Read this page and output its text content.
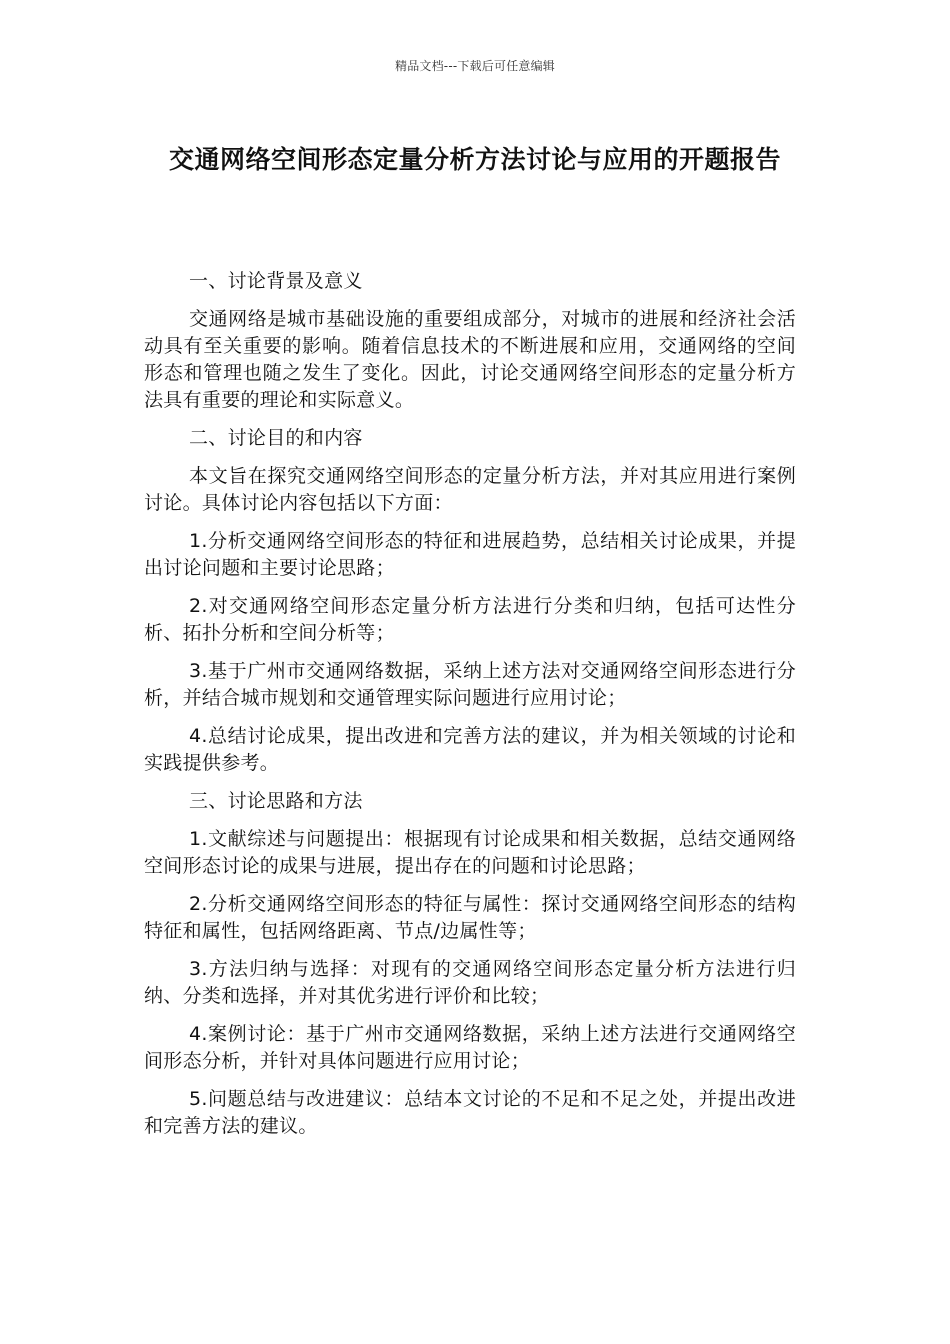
精品文档---下载后可任意编辑
交通网络空间形态定量分析方法讨论与应用的开题报告

一、讨论背景及意义

交通网络是城市基础设施的重要组成部分，对城市的进展和经济社会活动具有至关重要的影响。随着信息技术的不断进展和应用，交通网络的空间形态和管理也随之发生了变化。因此，讨论交通网络空间形态的定量分析方法具有重要的理论和实际意义。

二、讨论目的和内容

本文旨在探究交通网络空间形态的定量分析方法，并对其应用进行案例讨论。具体讨论内容包括以下方面：

1.分析交通网络空间形态的特征和进展趋势，总结相关讨论成果，并提出讨论问题和主要讨论思路；

2.对交通网络空间形态定量分析方法进行分类和归纳，包括可达性分析、拓扑分析和空间分析等；

3.基于广州市交通网络数据，采纳上述方法对交通网络空间形态进行分析，并结合城市规划和交通管理实际问题进行应用讨论；

4.总结讨论成果，提出改进和完善方法的建议，并为相关领域的讨论和实践提供参考。

三、讨论思路和方法

1.文献综述与问题提出：根据现有讨论成果和相关数据，总结交通网络空间形态讨论的成果与进展，提出存在的问题和讨论思路；

2.分析交通网络空间形态的特征与属性：探讨交通网络空间形态的结构特征和属性，包括网络距离、节点/边属性等；

3.方法归纳与选择：对现有的交通网络空间形态定量分析方法进行归纳、分类和选择，并对其优劣进行评价和比较；

4.案例讨论：基于广州市交通网络数据，采纳上述方法进行交通网络空间形态分析，并针对具体问题进行应用讨论；

5.问题总结与改进建议：总结本文讨论的不足和不足之处，并提出改进和完善方法的建议。
